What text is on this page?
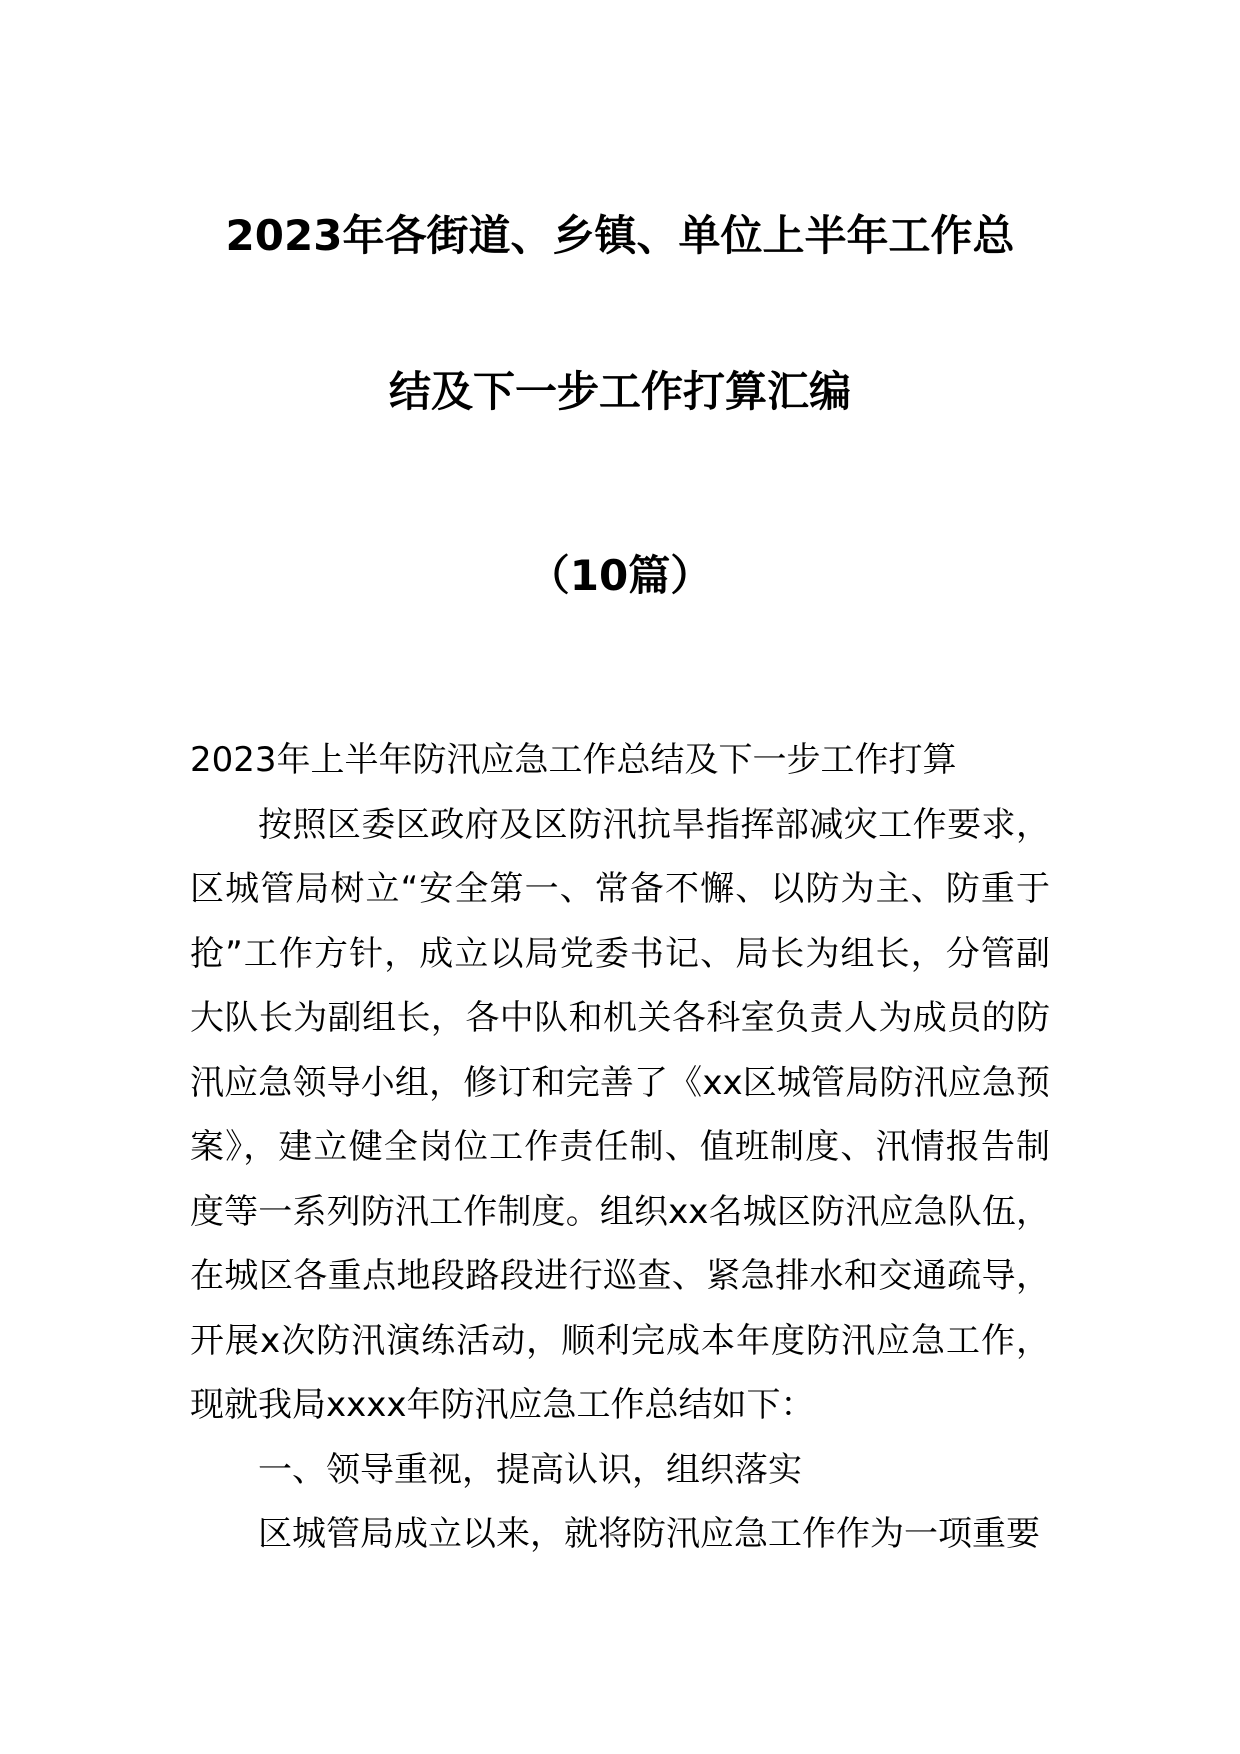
2023年各街道、乡镇、单位上半年工作总
结及下一步工作打算汇编
（10篇）

2023年上半年防汛应急工作总结及下一步工作打算

按照区委区政府及区防汛抗旱指挥部减灾工作要求，区城管局树立“安全第一、常备不懈、以防为主、防重于抢”工作方针，成立以局党委书记、局长为组长，分管副大队长为副组长，各中队和机关各科室负责人为成员的防汛应急领导小组，修订和完善了《xx区城管局防汛应急预案》，建立健全岗位工作责任制、值班制度、汛情报告制度等一系列防汛工作制度。组织xx名城区防汛应急队伍，在城区各重点地段路段进行巡查、紧急排水和交通疏导，开展x次防汛演练活动，顺利完成本年度防汛应急工作，现就我局xxxx年防汛应急工作总结如下：

一、领导重视，提高认识，组织落实

区城管局成立以来，就将防汛应急工作作为一项重要
